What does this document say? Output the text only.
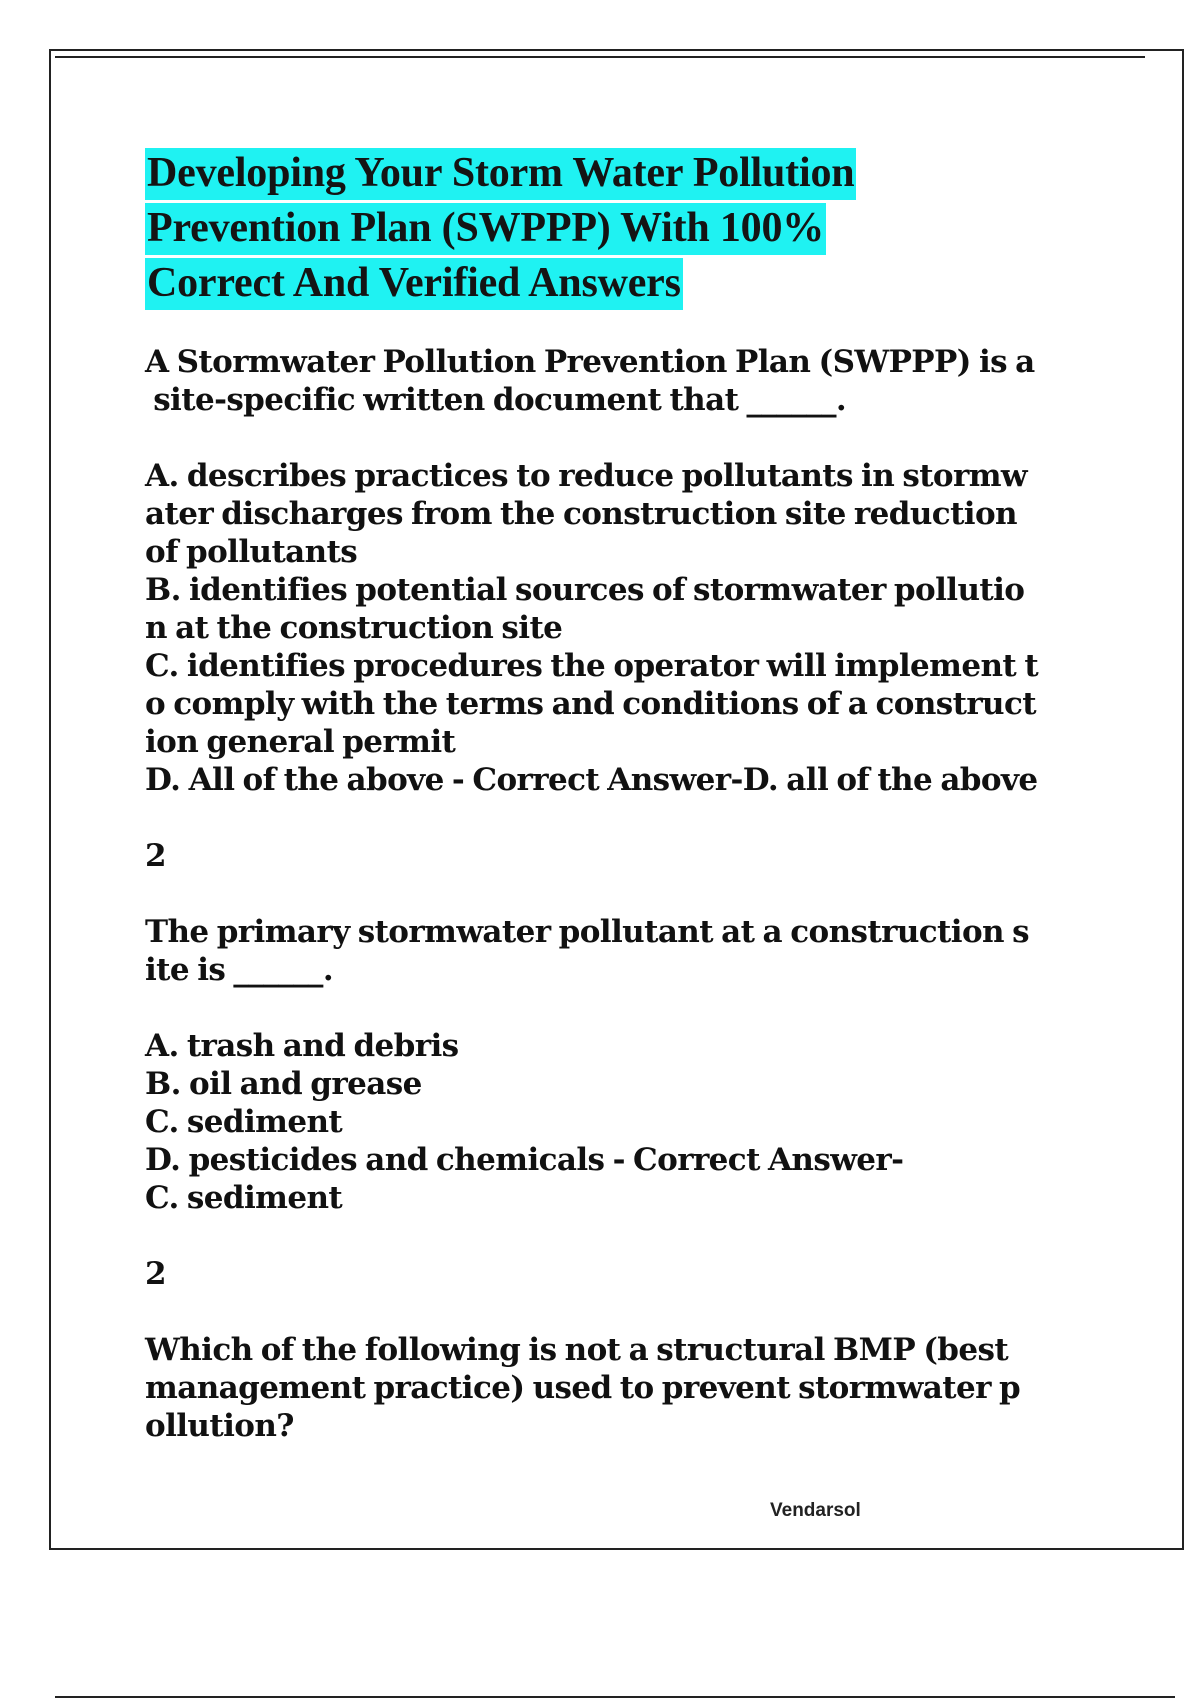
Developing Your Storm Water Pollution
Prevention Plan (SWPPP) With 100%
Correct And Verified Answers
A Stormwater Pollution Prevention Plan (SWPPP) is a
site-specific written document that ______.
A. describes practices to reduce pollutants in stormw
ater discharges from the construction site reduction
of pollutants
B. identifies potential sources of stormwater pollutio
n at the construction site
C. identifies procedures the operator will implement t
o comply with the terms and conditions of a construct
ion general permit
D. All of the above - Correct Answer-D. all of the above
2
The primary stormwater pollutant at a construction s
ite is ______.
A. trash and debris
B. oil and grease
C. sediment
D. pesticides and chemicals - Correct Answer-
C. sediment
2
Which of the following is not a structural BMP (best
management practice) used to prevent stormwater p
ollution?
Vendarsol
